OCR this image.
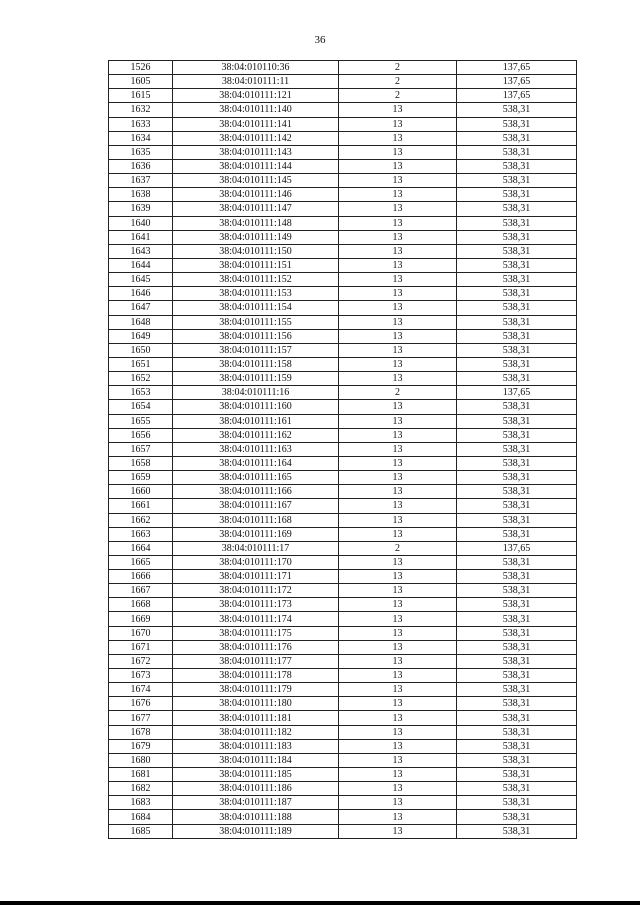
36
1526	38:04:010110:36	2	137,65
1605	38:04:010111:11	2	137,65
1615	38:04:010111:121	2	137,65
1632	38:04:010111:140	13	538,31
1633	38:04:010111:141	13	538,31
1634	38:04:010111:142	13	538,31
1635	38:04:010111:143	13	538,31
1636	38:04:010111:144	13	538,31
1637	38:04:010111:145	13	538,31
1638	38:04:010111:146	13	538,31
1639	38:04:010111:147	13	538,31
1640	38:04:010111:148	13	538,31
1641	38:04:010111:149	13	538,31
1643	38:04:010111:150	13	538,31
1644	38:04:010111:151	13	538,31
1645	38:04:010111:152	13	538,31
1646	38:04:010111:153	13	538,31
1647	38:04:010111:154	13	538,31
1648	38:04:010111:155	13	538,31
1649	38:04:010111:156	13	538,31
1650	38:04:010111:157	13	538,31
1651	38:04:010111:158	13	538,31
1652	38:04:010111:159	13	538,31
1653	38:04:010111:16	2	137,65
1654	38:04:010111:160	13	538,31
1655	38:04:010111:161	13	538,31
1656	38:04:010111:162	13	538,31
1657	38:04:010111:163	13	538,31
1658	38:04:010111:164	13	538,31
1659	38:04:010111:165	13	538,31
1660	38:04:010111:166	13	538,31
1661	38:04:010111:167	13	538,31
1662	38:04:010111:168	13	538,31
1663	38:04:010111:169	13	538,31
1664	38:04:010111:17	2	137,65
1665	38:04:010111:170	13	538,31
1666	38:04:010111:171	13	538,31
1667	38:04:010111:172	13	538,31
1668	38:04:010111:173	13	538,31
1669	38:04:010111:174	13	538,31
1670	38:04:010111:175	13	538,31
1671	38:04:010111:176	13	538,31
1672	38:04:010111:177	13	538,31
1673	38:04:010111:178	13	538,31
1674	38:04:010111:179	13	538,31
1676	38:04:010111:180	13	538,31
1677	38:04:010111:181	13	538,31
1678	38:04:010111:182	13	538,31
1679	38:04:010111:183	13	538,31
1680	38:04:010111:184	13	538,31
1681	38:04:010111:185	13	538,31
1682	38:04:010111:186	13	538,31
1683	38:04:010111:187	13	538,31
1684	38:04:010111:188	13	538,31
1685	38:04:010111:189	13	538,31
